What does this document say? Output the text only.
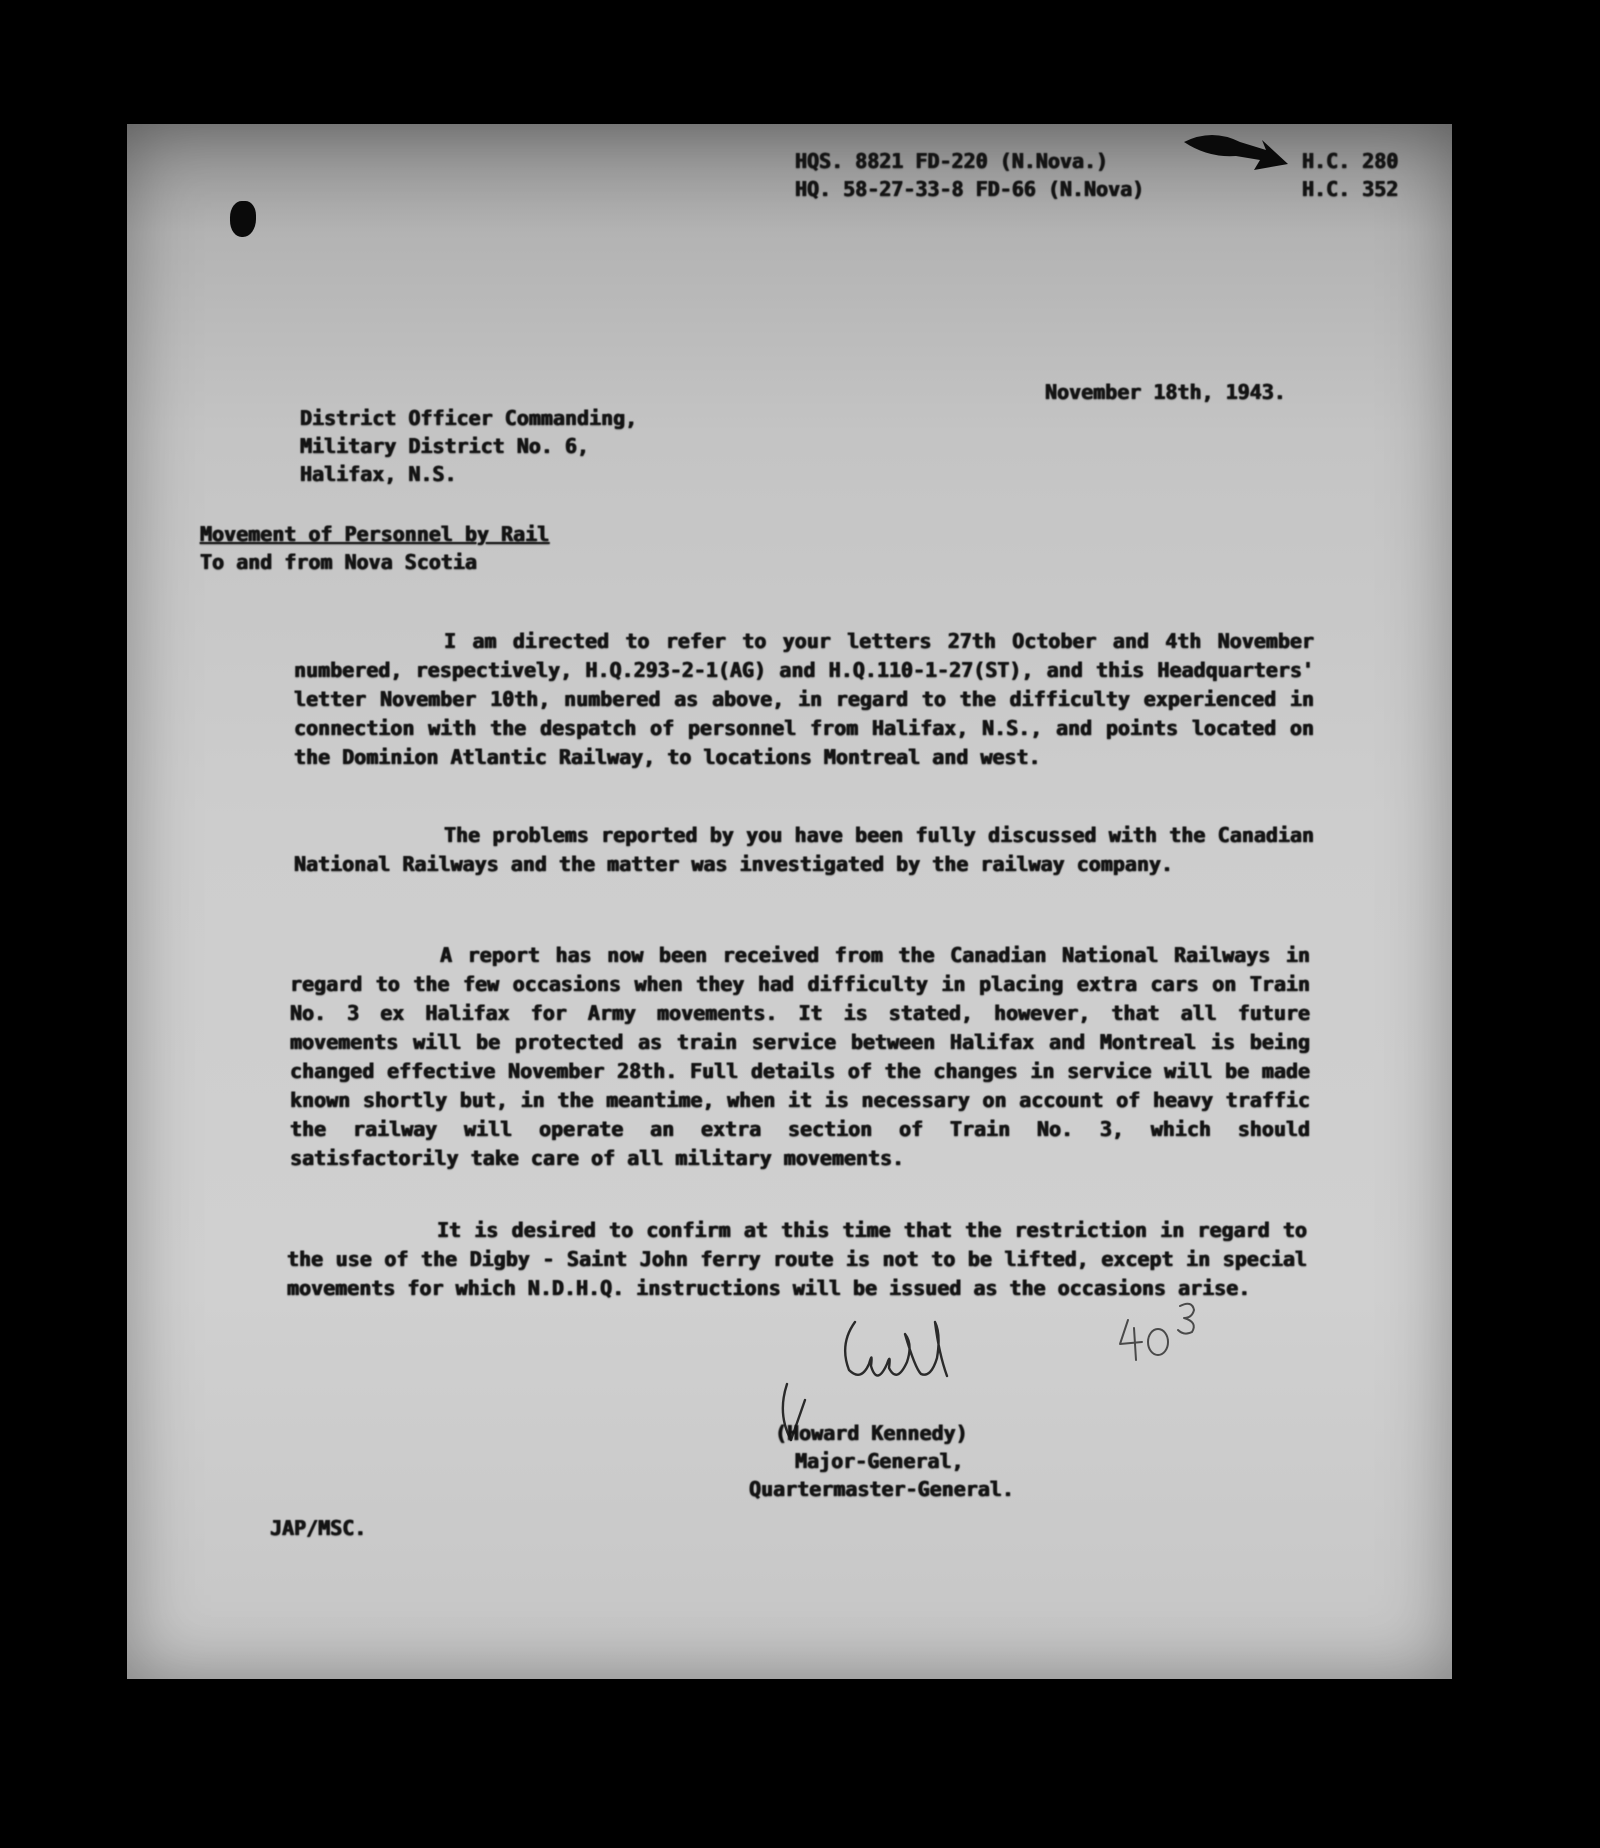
HQS. 8821 FD-220 (N.Nova.)	H.C. 280
HQ. 58-27-33-8 FD-66 (N.Nova)	H.C. 352
November 18th, 1943.
District Officer Commanding,
Military District No. 6,
Halifax, N.S.
Movement of Personnel by Rail
To and from Nova Scotia
I am directed to refer to your letters 27th October and 4th November numbered, respectively, H.Q.293-2-1(AG) and H.Q.110-1-27(ST), and this Headquarters' letter November 10th, numbered as above, in regard to the difficulty experienced in connection with the despatch of personnel from Halifax, N.S., and points located on the Dominion Atlantic Railway, to locations Montreal and west.
The problems reported by you have been fully discussed with the Canadian National Railways and the matter was investigated by the railway company.
A report has now been received from the Canadian National Railways in regard to the few occasions when they had difficulty in placing extra cars on Train No. 3 ex Halifax for Army movements. It is stated, however, that all future movements will be protected as train service between Halifax and Montreal is being changed effective November 28th. Full details of the changes in service will be made known shortly but, in the meantime, when it is necessary on account of heavy traffic the railway will operate an extra section of Train No. 3, which should satisfactorily take care of all military movements.
It is desired to confirm at this time that the restriction in regard to the use of the Digby - Saint John ferry route is not to be lifted, except in special movements for which N.D.H.Q. instructions will be issued as the occasions arise.
(Howard Kennedy)
Major-General,
Quartermaster-General.
JAP/MSC.
